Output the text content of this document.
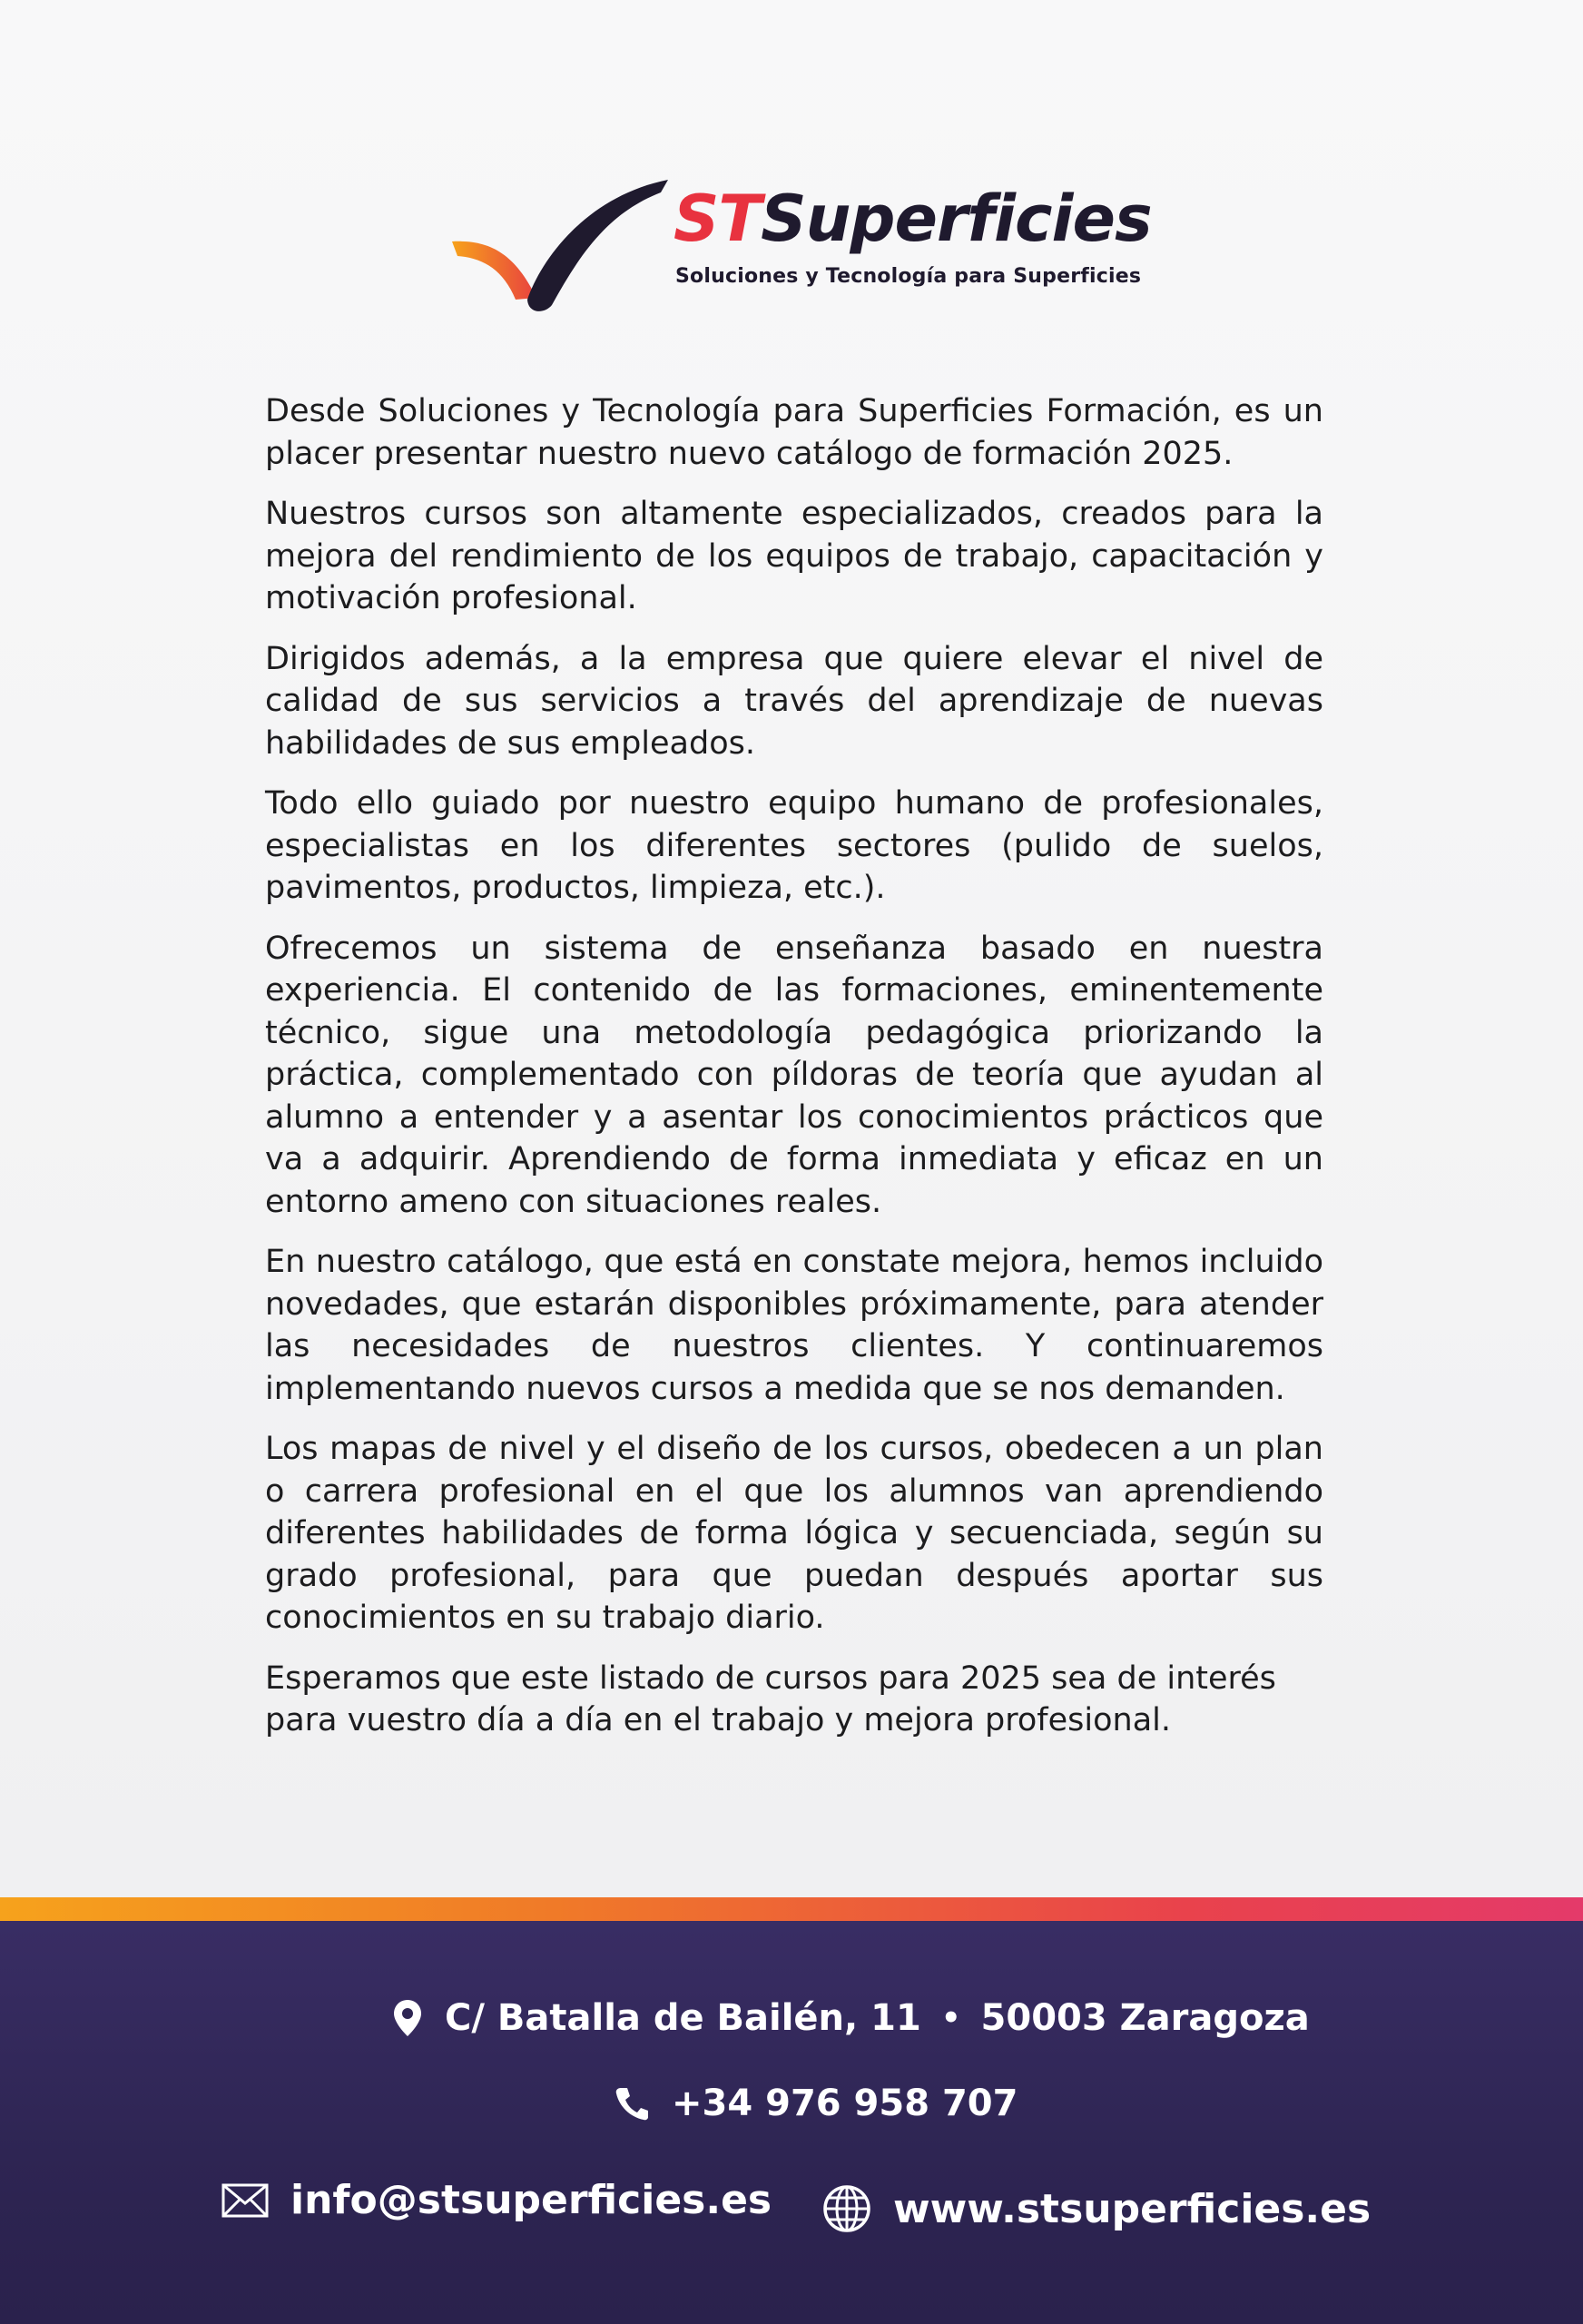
STSuperficies
Soluciones y Tecnología para Superficies

Desde Soluciones y Tecnología para Superficies Formación, es un placer presentar nuestro nuevo catálogo de formación 2025.

Nuestros cursos son altamente especializados, creados para la mejora del rendimiento de los equipos de trabajo, capacitación y motivación profesional.

Dirigidos además, a la empresa que quiere elevar el nivel de calidad de sus servicios a través del aprendizaje de nuevas habilidades de sus empleados.

Todo ello guiado por nuestro equipo humano de profesionales, especialistas en los diferentes sectores (pulido de suelos, pavimentos, productos, limpieza, etc.).

Ofrecemos un sistema de enseñanza basado en nuestra experiencia. El contenido de las formaciones, eminentemente técnico, sigue una metodología pedagógica priorizando la práctica, complementado con píldoras de teoría que ayudan al alumno a entender y a asentar los conocimientos prácticos que va a adquirir. Aprendiendo de forma inmediata y eficaz en un entorno ameno con situaciones reales.

En nuestro catálogo, que está en constate mejora, hemos incluido novedades, que estarán disponibles próximamente, para atender las necesidades de nuestros clientes. Y continuaremos implementando nuevos cursos a medida que se nos demanden.

Los mapas de nivel y el diseño de los cursos, obedecen a un plan o carrera profesional en el que los alumnos van aprendiendo diferentes habilidades de forma lógica y secuenciada, según su grado profesional, para que puedan después aportar sus conocimientos en su trabajo diario.

Esperamos que este listado de cursos para 2025 sea de interés para vuestro día a día en el trabajo y mejora profesional.

C/ Batalla de Bailén, 11 • 50003 Zaragoza
+34 976 958 707
info@stsuperficies.es	www.stsuperficies.es
